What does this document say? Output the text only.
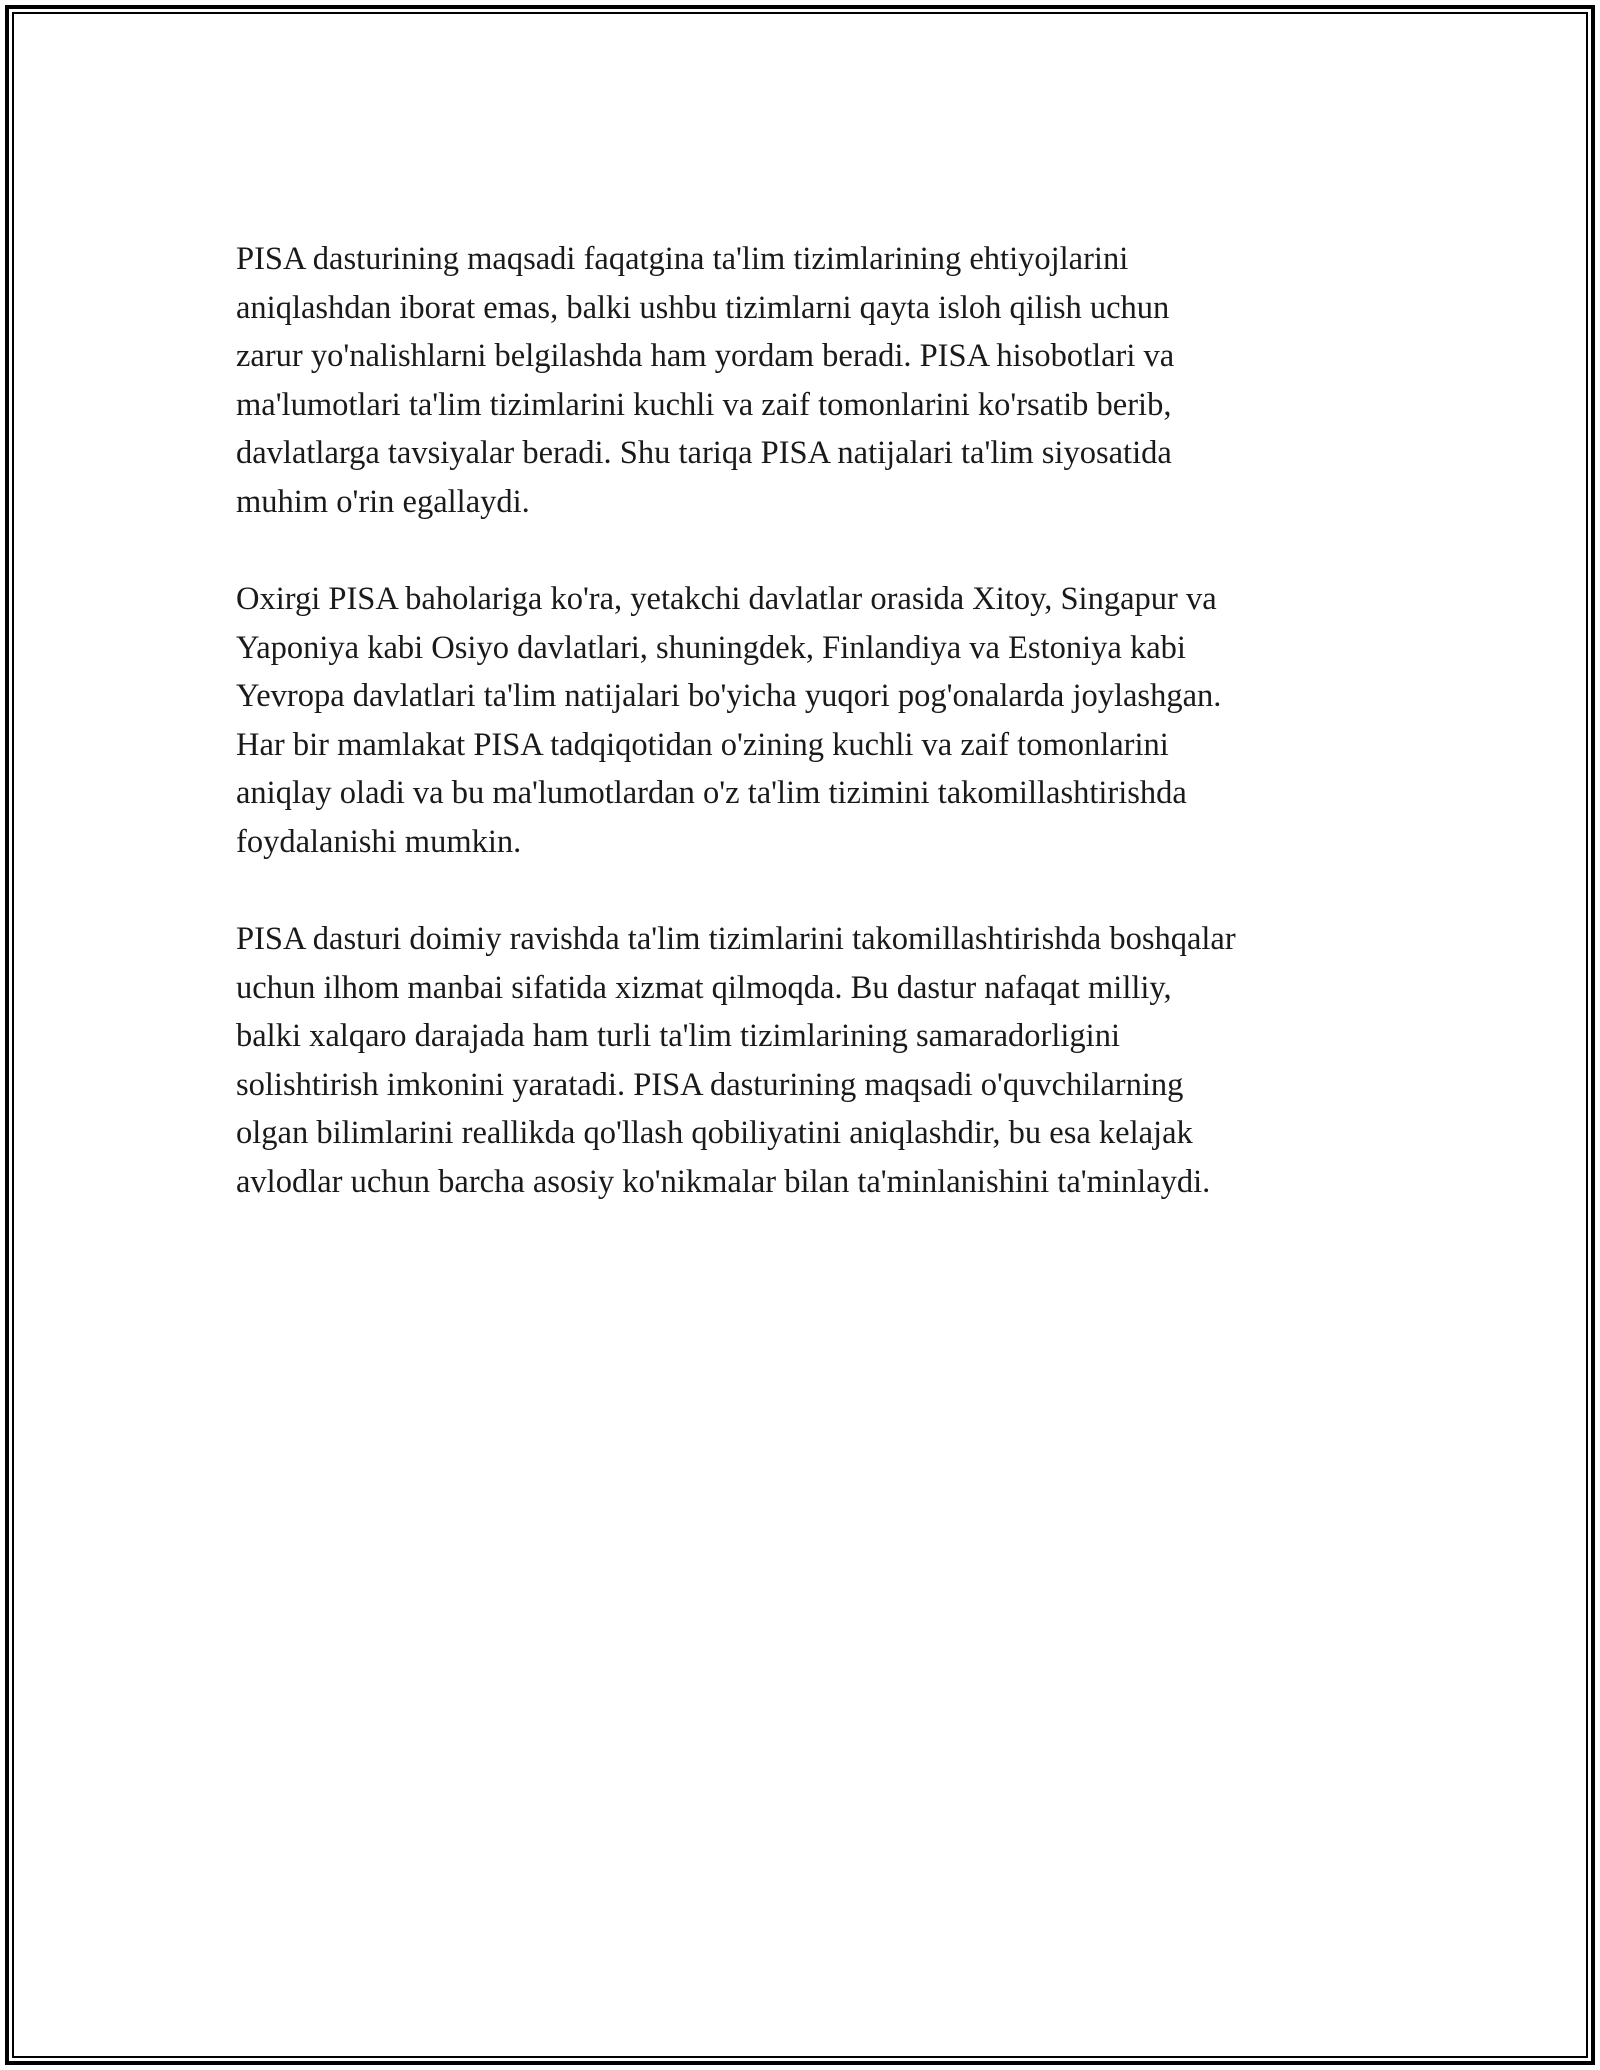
PISA dasturining maqsadi faqatgina ta'lim tizimlarining ehtiyojlarini
aniqlashdan iborat emas, balki ushbu tizimlarni qayta isloh qilish uchun
zarur yo'nalishlarni belgilashda ham yordam beradi. PISA hisobotlari va
ma'lumotlari ta'lim tizimlarini kuchli va zaif tomonlarini ko'rsatib berib,
davlatlarga tavsiyalar beradi. Shu tariqa PISA natijalari ta'lim siyosatida
muhim o'rin egallaydi.

Oxirgi PISA baholariga ko'ra, yetakchi davlatlar orasida Xitoy, Singapur va
Yaponiya kabi Osiyo davlatlari, shuningdek, Finlandiya va Estoniya kabi
Yevropa davlatlari ta'lim natijalari bo'yicha yuqori pog'onalarda joylashgan.
Har bir mamlakat PISA tadqiqotidan o'zining kuchli va zaif tomonlarini
aniqlay oladi va bu ma'lumotlardan o'z ta'lim tizimini takomillashtirishda
foydalanishi mumkin.

PISA dasturi doimiy ravishda ta'lim tizimlarini takomillashtirishda boshqalar
uchun ilhom manbai sifatida xizmat qilmoqda. Bu dastur nafaqat milliy,
balki xalqaro darajada ham turli ta'lim tizimlarining samaradorligini
solishtirish imkonini yaratadi. PISA dasturining maqsadi o'quvchilarning
olgan bilimlarini reallikda qo'llash qobiliyatini aniqlashdir, bu esa kelajak
avlodlar uchun barcha asosiy ko'nikmalar bilan ta'minlanishini ta'minlaydi.
